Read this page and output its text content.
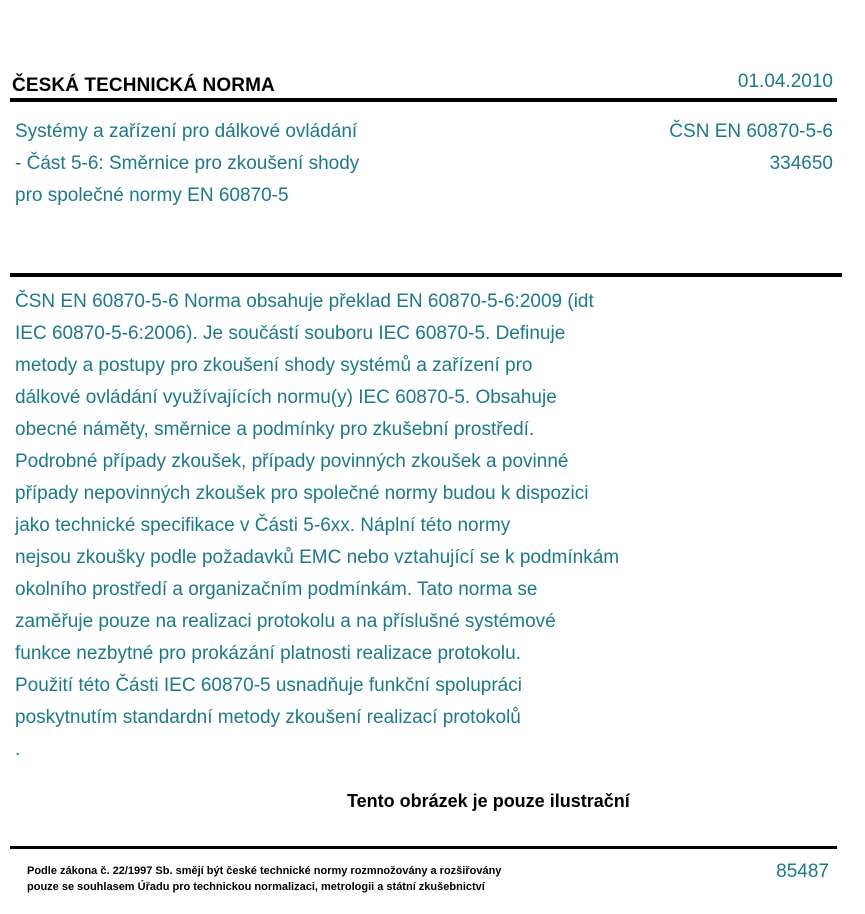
ČESKÁ TECHNICKÁ NORMA	01.04.2010
Systémy a zařízení pro dálkové ovládání
- Část 5-6: Směrnice pro zkoušení shody
pro společné normy EN 60870-5
ČSN EN 60870-5-6
334650
ČSN EN 60870-5-6 Norma obsahuje překlad EN 60870-5-6:2009 (idt
IEC 60870-5-6:2006). Je součástí souboru IEC 60870-5. Definuje
metody a postupy pro zkoušení shody systémů a zařízení pro
dálkové ovládání využívajících normu(y) IEC 60870-5. Obsahuje
obecné náměty, směrnice a podmínky pro zkušební prostředí.
Podrobné případy zkoušek, případy povinných zkoušek a povinné
případy nepovinných zkoušek pro společné normy budou k dispozici
jako technické specifikace v Části 5-6xx. Náplní této normy
nejsou zkoušky podle požadavků EMC nebo vztahující se k podmínkám
okolního prostředí a organizačním podmínkám. Tato norma se
zaměřuje pouze na realizaci protokolu a na příslušné systémové
funkce nezbytné pro prokázání platnosti realizace protokolu.
Použití této Části IEC 60870-5 usnadňuje funkční spolupráci
poskytnutím standardní metody zkoušení realizací protokolů
.
Tento obrázek je pouze ilustrační
Podle zákona č. 22/1997 Sb. smějí být české technické normy rozmnožovány a rozšiřovány
pouze se souhlasem Úřadu pro technickou normalizaci, metrologii a státní zkušebnictví
85487
